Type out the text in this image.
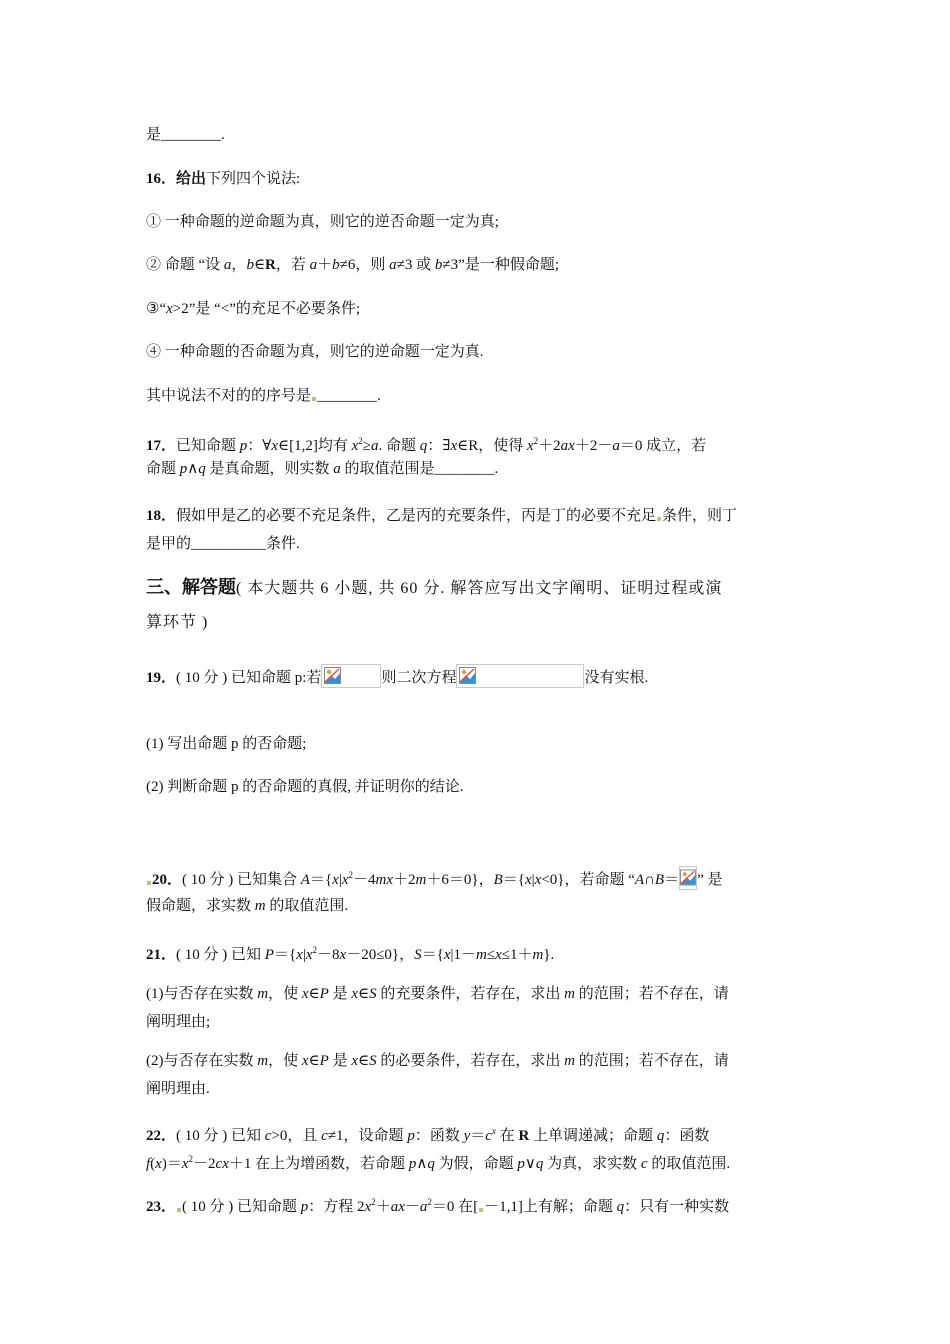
是________.
16．给出下列四个说法:
① 一种命题的逆命题为真，则它的逆否命题一定为真;
② 命题 “设 a，b∈R，若 a＋b≠6，则 a≠3 或 b≠3”是一种假命题;
③“x>2”是 “<”的充足不必要条件;
④ 一种命题的否命题为真，则它的逆命题一定为真.
其中说法不对的的序号是 ________.
17．已知命题 p：∀x∈[1,2]均有 $x^2\ge a$. 命题 q：∃x∈R，使得 $x^2+2ax+2-a=0$ 成立，若
命题 p∧q 是真命题，则实数 a 的取值范围是________.
18．假如甲是乙的必要不充足条件，乙是丙的充要条件，丙是丁的必要不充足 条件，则丁
是甲的__________条件.
三、解答题( 本大题共 6 小题, 共 60 分. 解答应写出文字阐明、证明过程或演
算环节 )
19．( 10 分 ) 已知命题 p:若	则二次方程	没有实根.
(1) 写出命题 p 的否命题;
(2) 判断命题 p 的否命题的真假, 并证明你的结论.
20．( 10 分 ) 已知集合 $A=\{x|x^2-4mx+2m+6=0\}$，B＝{x|x<0}，若命题 “A∩B＝ ” 是
假命题，求实数 m 的取值范围.
21．( 10 分 ) 已知 $P=\{x|x^2-8x-20\le 0\}$，S＝{x|1－m≤x≤1＋m}.
(1)与否存在实数 m，使 x∈P 是 x∈S 的充要条件，若存在，求出 m 的范围；若不存在，请
阐明理由;
(2)与否存在实数 m，使 x∈P 是 x∈S 的必要条件，若存在，求出 m 的范围；若不存在，请
阐明理由.
22．( 10 分 ) 已知 c>0，且 c≠1，设命题 p：函数 $y=c^x$ 在 R 上单调递减；命题 q：函数
$f(x)=x^2-2cx+1$ 在上为增函数，若命题 p∧q 为假，命题 p∨q 为真，求实数 c 的取值范围.
23． ( 10 分 ) 已知命题 p：方程 $2x^2+ax-a^2=0$ 在[ －1,1]上有解；命题 q：只有一种实数
